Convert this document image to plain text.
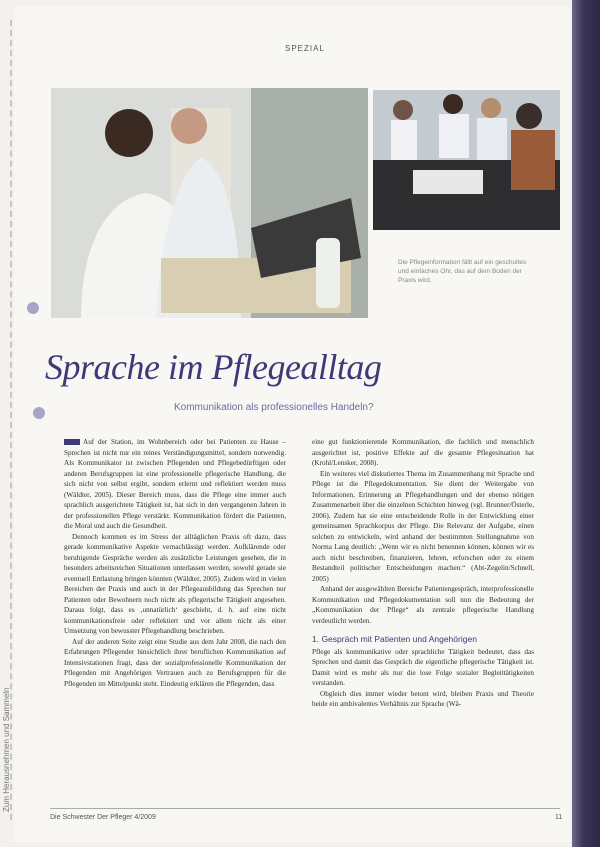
Zum Herausnehmen und Sammeln
SPEZIAL
Die Pflegeinformation fällt auf ein geschultes und einfaches Ohr, das auf dem Boden der Praxis wird.
Sprache im Pflegealltag
Kommunikation als professionelles Handeln?

Auf der Station, im Wohnbereich oder bei Patienten zu Hause – Sprechen ist nicht nur ein reines Verständigungsmittel, sondern notwendig. Als Kommunikator ist zwischen Pflegenden und Pflegebedürftigen oder anderen Berufsgruppen ist eine professionelle pflegerische Handlung, die sich nicht von selbst ergibt, sondern erlernt und reflektiert werden muss (Wäldter, 2005). Dieser Bereich muss, dass die Pflege eine immer auch sprachlich ausgerichtete Tätigkeit ist, hat sich in den vergangenen Jahren in der professionellen Pflege verstärkt. Kommunikation fördert die Patienten, die Moral und auch die Gesundheit.

Dennoch kommen es im Stress der alltäglichen Praxis oft dazu, dass gerade kommunikative Aspekte vernachlässigt werden. Aufklärende oder beruhigende Gespräche werden als zusätzliche Leistungen gesehen, die in besonders arbeitsreichen Situationen unterlassen werden, sowohl gerade sie eventuell Entlastung bringen könnten (Wäldter, 2005). Zudem wird in vielen Bereichen der Praxis und auch in der Pflegeausbildung das Sprechen nur Patienten oder Bewohnern noch nicht als pflegerische Tätigkeit angesehen. Daraus folgt, dass es ‚unnatürlich‘ geschieht, d. h. auf eine nicht kommunikationsfreie oder reflektiert und vor allem nicht als einer Umsetzung von bewusster Pflegehandlung beschrieben.

Auf der anderen Seite zeigt eine Studie aus dem Jahr 2008, die nach den Erfahrungen Pflegender hinsichtlich ihrer beruflichen Kommunikation auf Intensivstationen fragt, dass der sozialprofessionelle Kommunikation der Pflegenden mit Angehörigen Vertrauen auch zu Berufsgruppen für die Pflegenden im Mittelpunkt steht. Eindeutig erklären die Pflegenden, dass

eine gut funktionierende Kommunikation, die fachlich und menschlich ausgerichtet ist, positive Effekte auf die gesamte Pflegesituation hat (Krohl/Lensker, 2008).

Ein weiteres viel diskutiertes Thema im Zusammenhang mit Sprache und Pflege ist die Pflegedokumentation. Sie dient der Weitergabe von Informationen, Erinnerung an Pflegehandlungen und der ebenso nötigen Zusammenarbeit über die einzelnen Schichten hinweg (vgl. Brunner/Österle, 2006). Zudem hat sie eine entscheidende Rolle in der Entwicklung einer gemeinsamen Sprachkorpus der Pflege. Die Relevanz der Aufgabe, einen solchen zu entwickeln, wird anhand der bestimmten Stellungnahme von Norma Lang deutlich: „Wenn wir es nicht benennen können, können wir es auch nicht beschreiben, finanzieren, lehren, erforschen oder zu einem Bestandteil politischer Entscheidungen machen.“ (Abt-Zegelin/Schnell, 2005)

Anhand der ausgewählten Bereiche Patientengespräch, interprofessionelle Kommunikation und Pflegedokumentation soll nun die Bedeutung der „Kommunikation der Pflege“ als zentrale pflegerische Handlung verdeutlicht werden.

1. Gespräch mit Patienten und Angehörigen

Pflege als kommunikative oder sprachliche Tätigkeit bedeutet, dass das Sprechen und damit das Gespräch die eigentliche pflegerische Tätigkeit ist. Damit wird es mehr als nur die lose Folge sozialer Begleittätigkeiten verstanden.

Obgleich dies immer wieder betont wird, bleiben Praxis und Theorie beide ein ambivalentes Verhältnis zur Sprache (Wä-

Die Schwester Der Pfleger 4/2009	11
